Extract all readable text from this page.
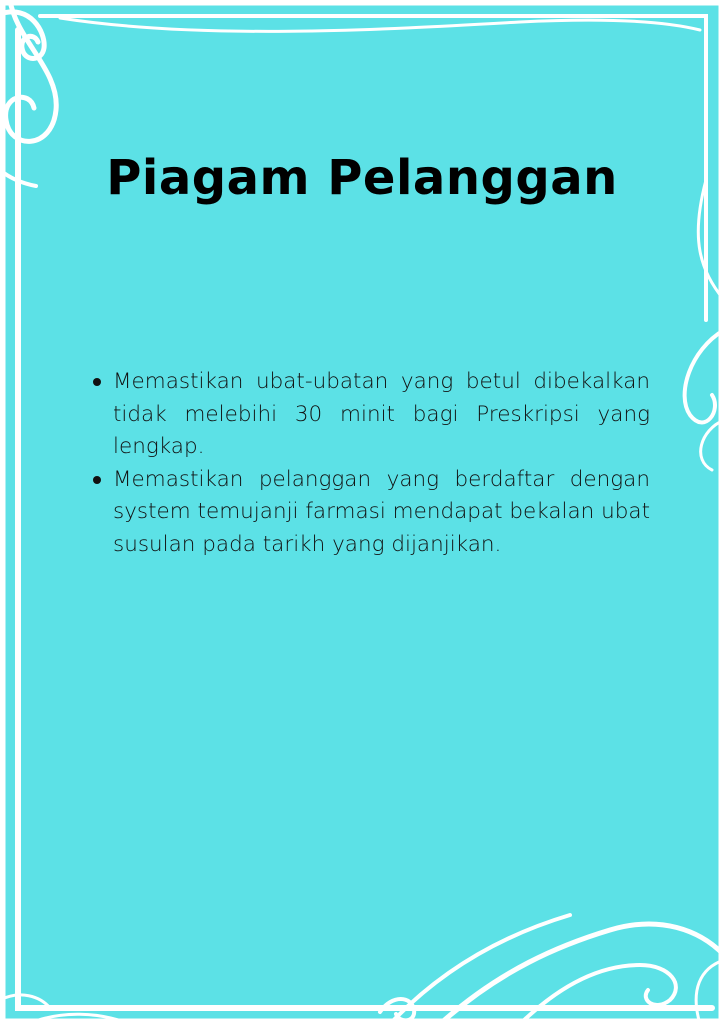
Piagam Pelanggan
Memastikan ubat-ubatan yang betul dibekalkan tidak melebihi 30 minit bagi Preskripsi yang lengkap.
Memastikan pelanggan yang berdaftar dengan system temujanji farmasi mendapat bekalan ubat susulan pada tarikh yang dijanjikan.
